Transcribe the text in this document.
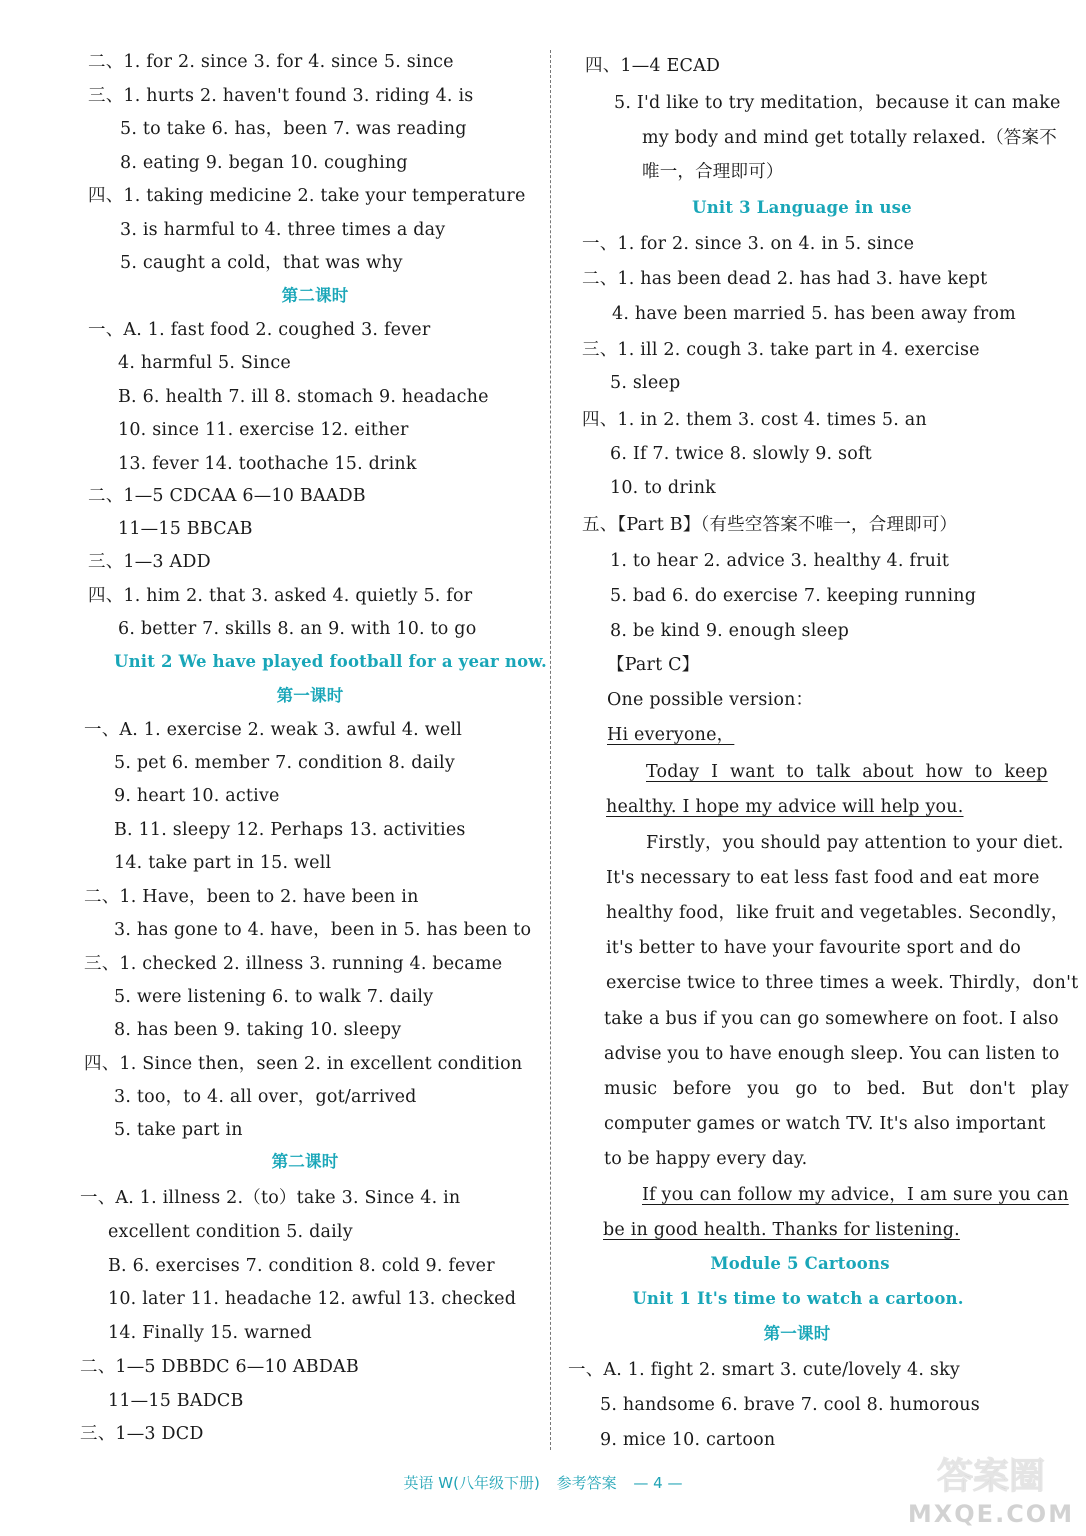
二、1. for 2. since 3. for 4. since 5. since
三、1. hurts 2. haven't found 3. riding 4. is
5. to take 6. has，been 7. was reading
8. eating 9. began 10. coughing
四、1. taking medicine 2. take your temperature
3. is harmful to 4. three times a day
5. caught a cold，that was why
第二课时
一、A. 1. fast food 2. coughed 3. fever
4. harmful 5. Since
B. 6. health 7. ill 8. stomach 9. headache
10. since 11. exercise 12. either
13. fever 14. toothache 15. drink
二、1—5 CDCAA 6—10 BAADB
11—15 BBCAB
三、1—3 ADD
四、1. him 2. that 3. asked 4. quietly 5. for
6. better 7. skills 8. an 9. with 10. to go
Unit 2 We have played football for a year now.
第一课时
一、A. 1. exercise 2. weak 3. awful 4. well
5. pet 6. member 7. condition 8. daily
9. heart 10. active
B. 11. sleepy 12. Perhaps 13. activities
14. take part in 15. well
二、1. Have，been to 2. have been in
3. has gone to 4. have，been in 5. has been to
三、1. checked 2. illness 3. running 4. became
5. were listening 6. to walk 7. daily
8. has been 9. taking 10. sleepy
四、1. Since then，seen 2. in excellent condition
3. too，to 4. all over，got/arrived
5. take part in
第二课时
一、A. 1. illness 2.（to）take 3. Since 4. in
excellent condition 5. daily
B. 6. exercises 7. condition 8. cold 9. fever
10. later 11. headache 12. awful 13. checked
14. Finally 15. warned
二、1—5 DBBDC 6—10 ABDAB
11—15 BADCB
三、1—3 DCD
四、1—4 ECAD
5. I'd like to try meditation，because it can make
my body and mind get totally relaxed.（答案不
唯一，合理即可）
Unit 3 Language in use
一、1. for 2. since 3. on 4. in 5. since
二、1. has been dead 2. has had 3. have kept
4. have been married 5. has been away from
三、1. ill 2. cough 3. take part in 4. exercise
5. sleep
四、1. in 2. them 3. cost 4. times 5. an
6. If 7. twice 8. slowly 9. soft
10. to drink
五、【Part B】（有些空答案不唯一，合理即可）
1. to hear 2. advice 3. healthy 4. fruit
5. bad 6. do exercise 7. keeping running
8. be kind 9. enough sleep
【Part C】
One possible version：
Hi everyone，
Today I want to talk about how to keep
healthy. I hope my advice will help you.
Firstly，you should pay attention to your diet.
It's necessary to eat less fast food and eat more
healthy food，like fruit and vegetables. Secondly，
it's better to have your favourite sport and do
exercise twice to three times a week. Thirdly，don't
take a bus if you can go somewhere on foot. I also
advise you to have enough sleep. You can listen to
music before you go to bed. But don't play
computer games or watch TV. It's also important
to be happy every day.
If you can follow my advice，I am sure you can
be in good health. Thanks for listening.
Module 5 Cartoons
Unit 1 It's time to watch a cartoon.
第一课时
一、A. 1. fight 2. smart 3. cute/lovely 4. sky
5. handsome 6. brave 7. cool 8. humorous
9. mice 10. cartoon
英语 W(八年级下册) 参考答案 — 4 —	答案圈
MXQE.COM
